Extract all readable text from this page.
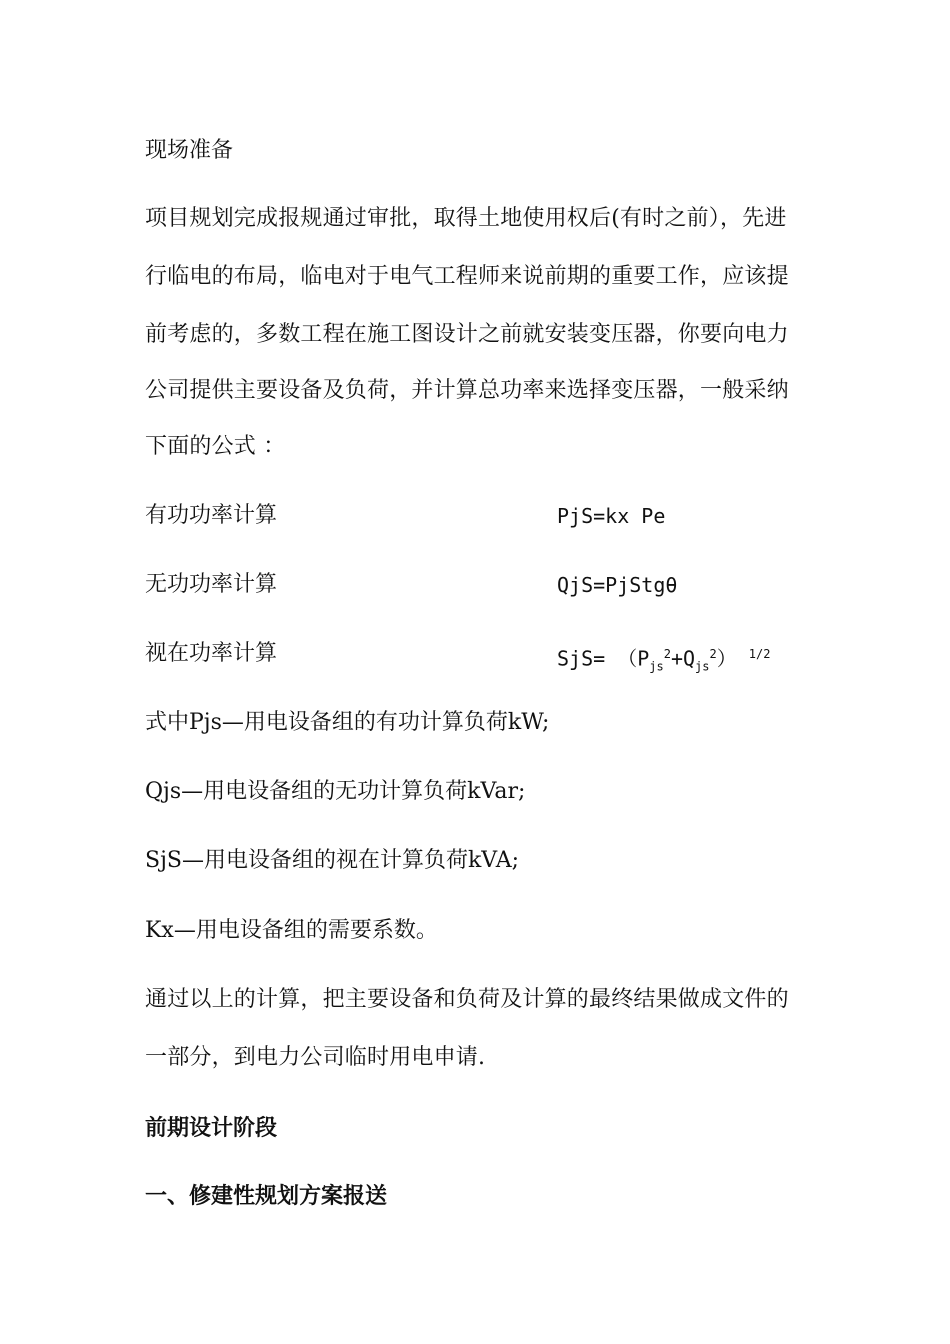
现场准备
项目规划完成报规通过审批，取得土地使用权后(有时之前），先进
行临电的布局，临电对于电气工程师来说前期的重要工作，应该提
前考虑的，多数工程在施工图设计之前就安装变压器，你要向电力
公司提供主要设备及负荷，并计算总功率来选择变压器，一般采纳
下面的公式 ：
有功功率计算	PjS=kx Pe
无功功率计算	QjS=PjStgθ
视在功率计算	$SjS= (P_{js}^2+Q_{js}^2)$ $^{1/2}$
式中Pjs—用电设备组的有功计算负荷kW;
Qjs—用电设备组的无功计算负荷kVar;
SjS—用电设备组的视在计算负荷kVA;
Kx—用电设备组的需要系数。
通过以上的计算，把主要设备和负荷及计算的最终结果做成文件的
一部分，到电力公司临时用电申请.
前期设计阶段
一、修建性规划方案报送
